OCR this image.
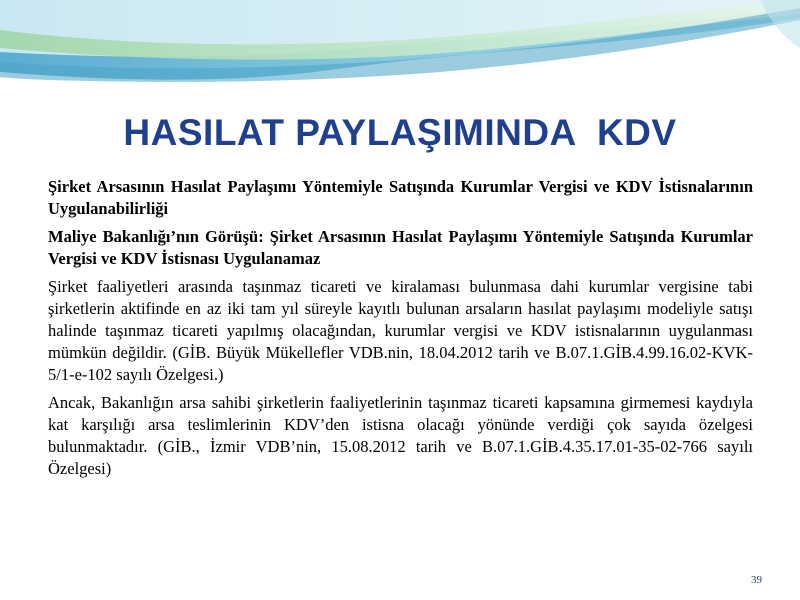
HASILAT PAYLAŞIMINDA  KDV

Şirket Arsasının Hasılat Paylaşımı Yöntemiyle Satışında Kurumlar Vergisi ve KDV İstisnalarının Uygulanabilirliği

Maliye Bakanlığı’nın Görüşü: Şirket Arsasının Hasılat Paylaşımı Yöntemiyle Satışında Kurumlar Vergisi ve KDV İstisnası Uygulanamaz

Şirket faaliyetleri arasında taşınmaz ticareti ve kiralaması bulunmasa dahi kurumlar vergisine tabi şirketlerin aktifinde en az iki tam yıl süreyle kayıtlı bulunan arsaların hasılat paylaşımı modeliyle satışı halinde taşınmaz ticareti yapılmış olacağından, kurumlar vergisi ve KDV istisnalarının uygulanması mümkün değildir. (GİB. Büyük Mükellefler VDB.nin, 18.04.2012 tarih ve B.07.1.GİB.4.99.16.02-KVK-5/1-e-102 sayılı Özelgesi.)

Ancak, Bakanlığın arsa sahibi şirketlerin faaliyetlerinin taşınmaz ticareti kapsamına girmemesi kaydıyla kat karşılığı arsa teslimlerinin KDV’den istisna olacağı yönünde verdiği çok sayıda özelgesi bulunmaktadır. (GİB., İzmir VDB’nin, 15.08.2012 tarih ve B.07.1.GİB.4.35.17.01-35-02-766 sayılı Özelgesi)

39
